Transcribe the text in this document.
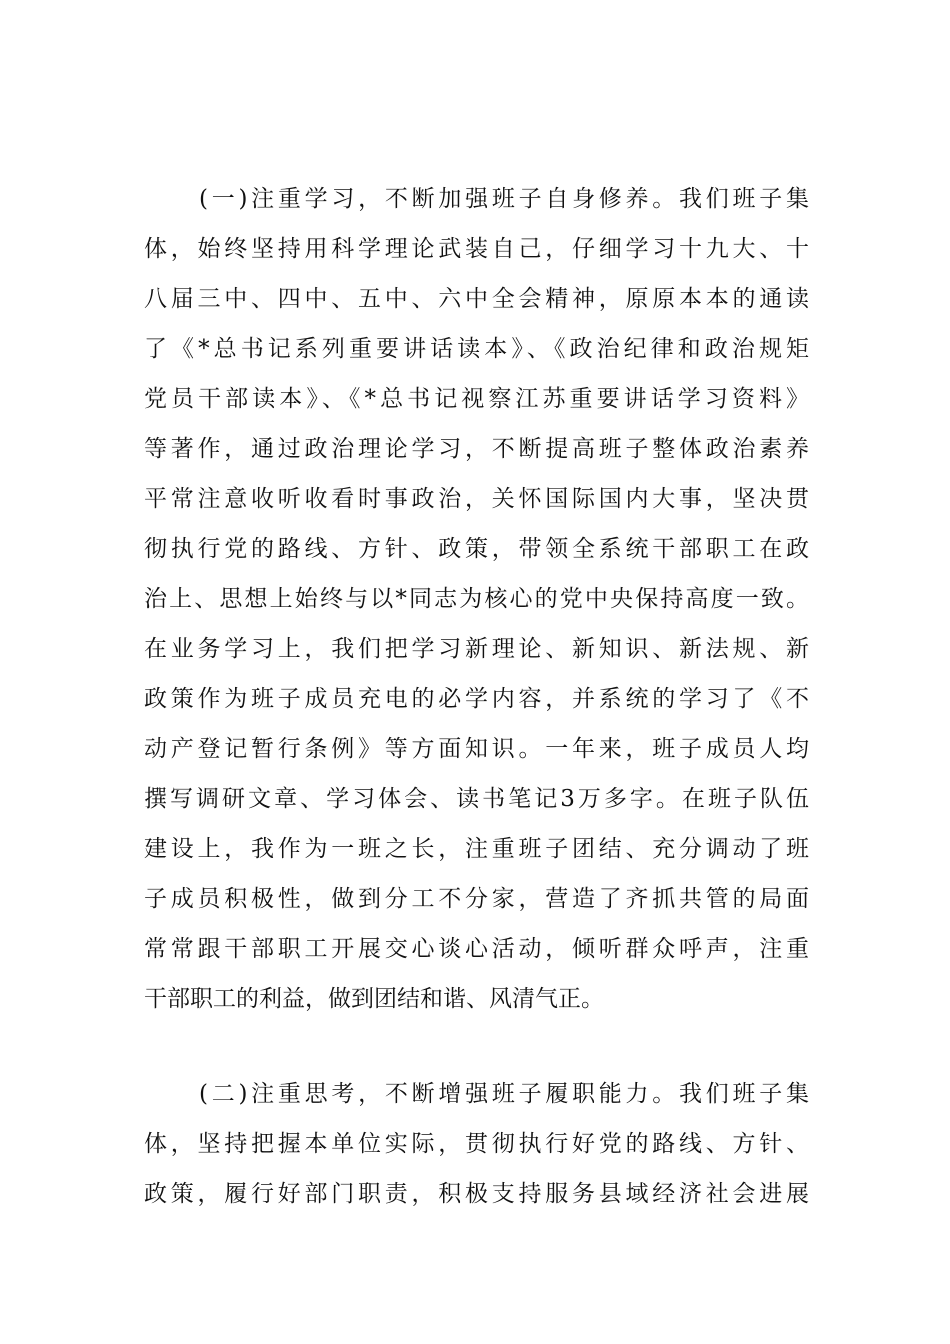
(一)注重学习，不断加强班子自身修养。我们班子集
体，始终坚持用科学理论武装自己，仔细学习十九大、十
八届三中、四中、五中、六中全会精神，原原本本的通读
了《*总书记系列重要讲话读本》、《政治纪律和政治规矩
党员干部读本》、《*总书记视察江苏重要讲话学习资料》
等著作，通过政治理论学习，不断提高班子整体政治素养
平常注意收听收看时事政治，关怀国际国内大事，坚决贯
彻执行党的路线、方针、政策，带领全系统干部职工在政
治上、思想上始终与以*同志为核心的党中央保持高度一致。
在业务学习上，我们把学习新理论、新知识、新法规、新
政策作为班子成员充电的必学内容，并系统的学习了《不
动产登记暂行条例》等方面知识。一年来，班子成员人均
撰写调研文章、学习体会、读书笔记3万多字。在班子队伍
建设上，我作为一班之长，注重班子团结、充分调动了班
子成员积极性，做到分工不分家，营造了齐抓共管的局面
常常跟干部职工开展交心谈心活动，倾听群众呼声，注重
干部职工的利益，做到团结和谐、风清气正。
(二)注重思考，不断增强班子履职能力。我们班子集
体，坚持把握本单位实际，贯彻执行好党的路线、方针、
政策，履行好部门职责，积极支持服务县域经济社会进展
